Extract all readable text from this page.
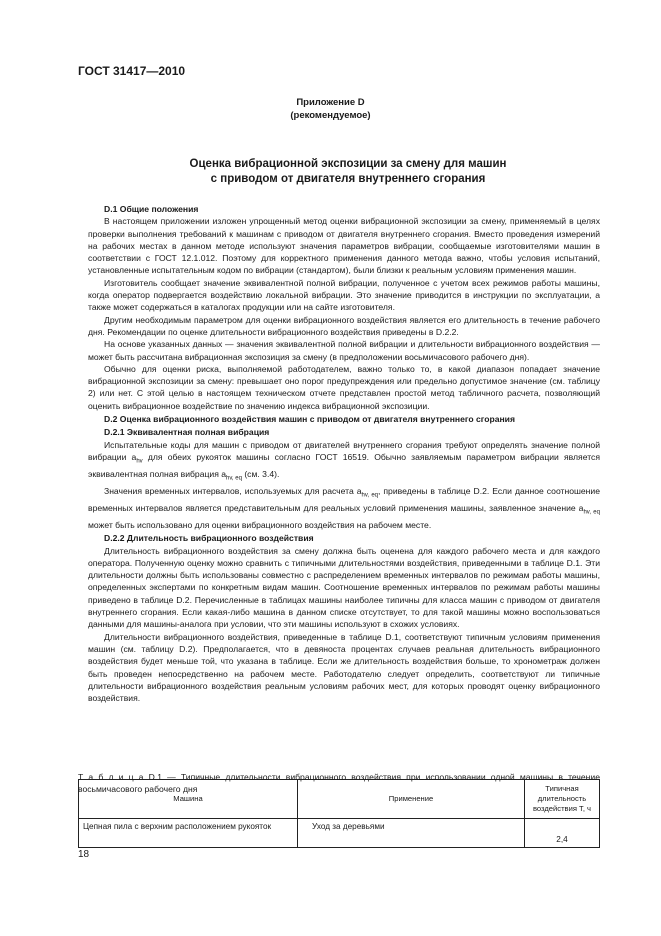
ГОСТ 31417—2010
Приложение D
(рекомендуемое)
Оценка вибрационной экспозиции за смену для машин
с приводом от двигателя внутреннего сгорания

D.1 Общие положения

В настоящем приложении изложен упрощенный метод оценки вибрационной экспозиции за смену, применяемый в целях проверки выполнения требований к машинам с приводом от двигателя внутреннего сгорания. Вместо проведения измерений на рабочих местах в данном методе используют значения параметров вибрации, сообщаемые изготовителями машин в соответствии с ГОСТ 12.1.012. Поэтому для корректного применения данного метода важно, чтобы условия испытаний, установленные испытательным кодом по вибрации (стандартом), были близки к реальным условиям применения машин.

Изготовитель сообщает значение эквивалентной полной вибрации, полученное с учетом всех режимов работы машины, когда оператор подвергается воздействию локальной вибрации. Это значение приводится в инструкции по эксплуатации, а также может содержаться в каталогах продукции или на сайте изготовителя.

Другим необходимым параметром для оценки вибрационного воздействия является его длительность в течение рабочего дня. Рекомендации по оценке длительности вибрационного воздействия приведены в D.2.2.

На основе указанных данных — значения эквивалентной полной вибрации и длительности вибрационного воздействия — может быть рассчитана вибрационная экспозиция за смену (в предположении восьмичасового рабочего дня).

Обычно для оценки риска, выполняемой работодателем, важно только то, в какой диапазон попадает значение вибрационной экспозиции за смену: превышает оно порог предупреждения или предельно допустимое значение (см. таблицу 2) или нет. С этой целью в настоящем техническом отчете представлен простой метод табличного расчета, позволяющий оценить вибрационное воздействие по значению индекса вибрационной экспозиции.

D.2 Оценка вибрационного воздействия машин с приводом от двигателя внутреннего сгорания

D.2.1 Эквивалентная полная вибрация

Испытательные коды для машин с приводом от двигателей внутреннего сгорания требуют определять значение полной вибрации $a_{hv}$ для обеих рукояток машины согласно ГОСТ 16519. Обычно заявляемым параметром вибрации является эквивалентная полная вибрация $a_{hv, eq}$ (см. 3.4).

Значения временных интервалов, используемых для расчета $a_{hv, eq}$, приведены в таблице D.2. Если данное соотношение временных интервалов является представительным для реальных условий применения машины, заявленное значение $a_{hv, eq}$ может быть использовано для оценки вибрационного воздействия на рабочем месте.

D.2.2 Длительность вибрационного воздействия

Длительность вибрационного воздействия за смену должна быть оценена для каждого рабочего места и для каждого оператора. Полученную оценку можно сравнить с типичными длительностями воздействия, приведенными в таблице D.1. Эти длительности должны быть использованы совместно с распределением временных интервалов по режимам работы машины, определенных экспертами по конкретным видам машин. Соотношение временных интервалов по режимам работы машины приведено в таблице D.2. Перечисленные в таблицах машины наиболее типичны для класса машин с приводом от двигателя внутреннего сгорания. Если какая-либо машина в данном списке отсутствует, то для такой машины можно воспользоваться данными для машины-аналога при условии, что эти машины используют в схожих условиях.

Длительности вибрационного воздействия, приведенные в таблице D.1, соответствуют типичным условиям применения машин (см. таблицу D.2). Предполагается, что в девяноста процентах случаев реальная длительность вибрационного воздействия будет меньше той, что указана в таблице. Если же длительность воздействия больше, то хронометраж должен быть проведен непосредственно на рабочем месте. Работодателю следует определить, соответствуют ли типичные длительности вибрационного воздействия реальным условиям рабочих мест, для которых проводят оценку вибрационного воздействия.

Т а б л и ц а D.1 — Типичные длительности вибрационного воздействия при использовании одной машины в течение восьмичасового рабочего дня
Машина	Применение	Типичная длительность воздействия T, ч
Цепная пила с верхним расположением рукояток	Уход за деревьями	2,4
18
